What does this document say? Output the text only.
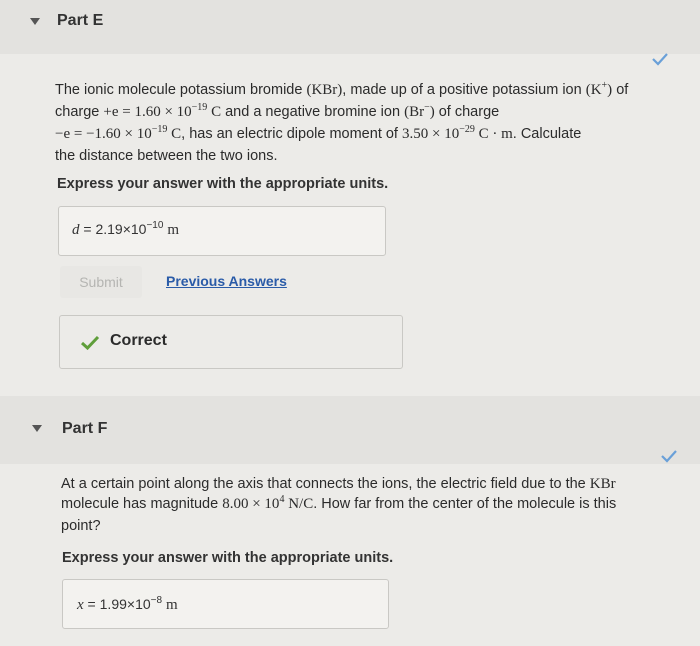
Part E
The ionic molecule potassium bromide (KBr), made up of a positive potassium ion (K+) of
charge $+e = 1.60 \times 10^{-19}$ C and a negative bromine ion (Br−) of charge
$-e = -1.60 \times 10^{-19}$ C, has an electric dipole moment of $3.50 \times 10^{-29}$ C · m. Calculate
the distance between the two ions.
Express your answer with the appropriate units.
$d = 2.19\times 10^{-10}$ m
Submit	Previous Answers
Correct
Part F
At a certain point along the axis that connects the ions, the electric field due to the KBr
molecule has magnitude $8.00 \times 10^4$ N/C. How far from the center of the molecule is this
point?
Express your answer with the appropriate units.
$x = 1.99\times 10^{-8}$ m
